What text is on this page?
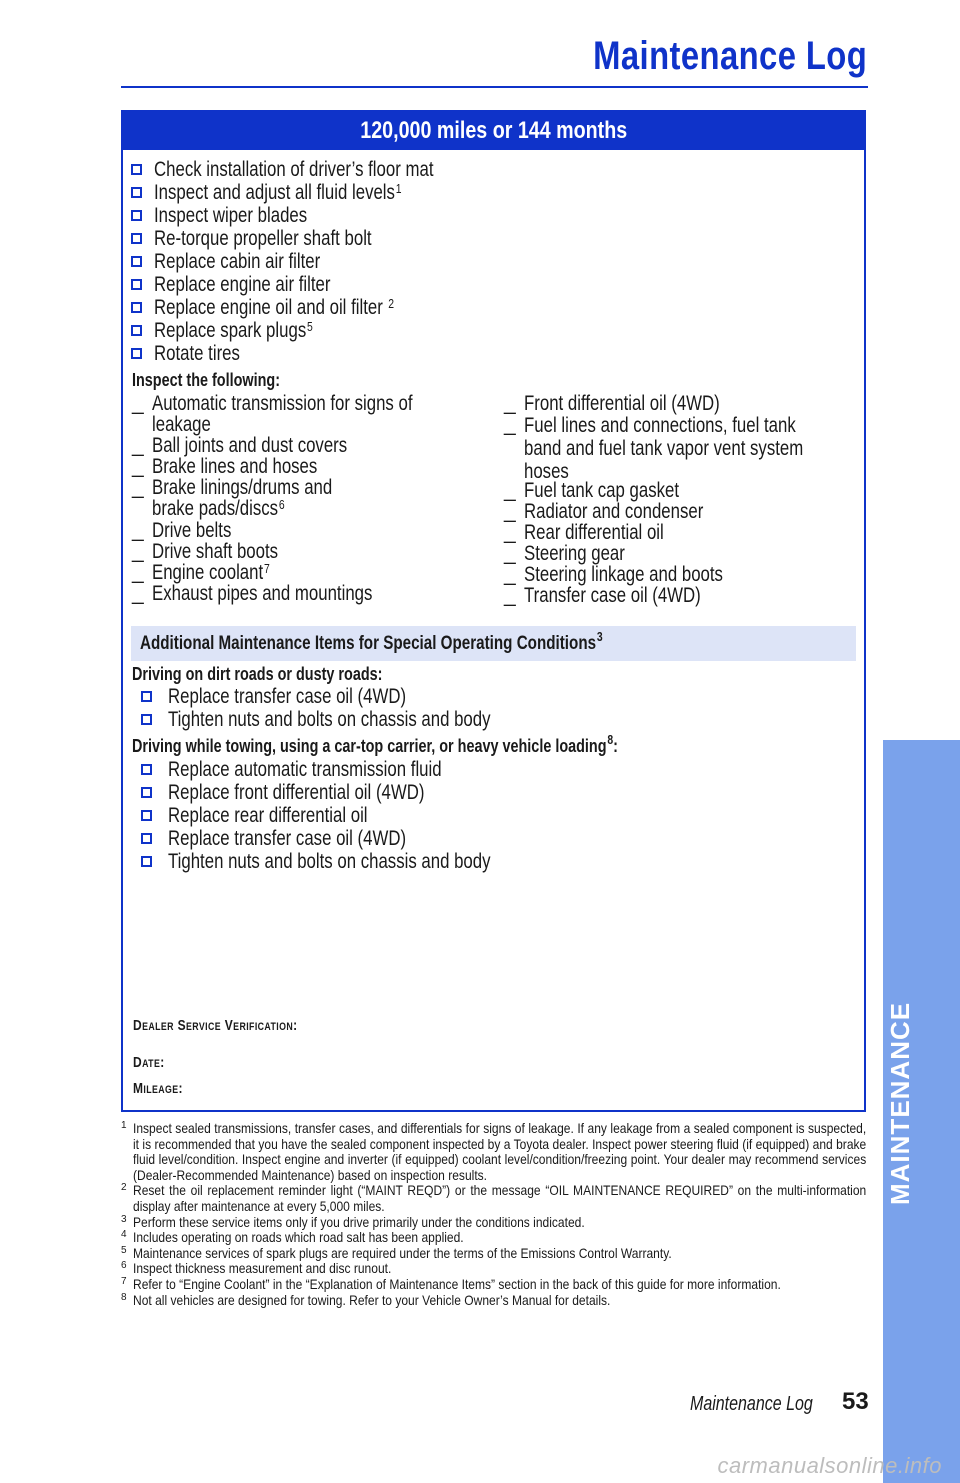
Maintenance Log
120,000 miles or 144 months
Check installation of driver’s floor mat
Inspect and adjust all fluid levels$^1$
Inspect wiper blades
Re-torque propeller shaft bolt
Replace cabin air filter
Replace engine air filter
Replace engine oil and oil filter $^2$
Replace spark plugs$^5$
Rotate tires
Inspect the following:
_ Automatic transmission for signs of
leakage
_ Ball joints and dust covers
_ Brake lines and hoses
_ Brake linings/drums and
brake pads/discs$^6$
_ Drive belts
_ Drive shaft boots
_ Engine coolant$^7$
_ Exhaust pipes and mountings
_ Front differential oil (4WD)
_ Fuel lines and connections, fuel tank
band and fuel tank vapor vent system
hoses
_ Fuel tank cap gasket
_ Radiator and condenser
_ Rear differential oil
_ Steering gear
_ Steering linkage and boots
_ Transfer case oil (4WD)
Additional Maintenance Items for Special Operating Conditions$^3$
Driving on dirt roads or dusty roads:
Replace transfer case oil (4WD)
Tighten nuts and bolts on chassis and body
Driving while towing, using a car-top carrier, or heavy vehicle loading$^8$:
Replace automatic transmission fluid
Replace front differential oil (4WD)
Replace rear differential oil
Replace transfer case oil (4WD)
Tighten nuts and bolts on chassis and body
Dealer Service Verification:
Date:
Mileage:
1 Inspect sealed transmissions, transfer cases, and differentials for signs of leakage. If any leakage from a sealed component is suspected, it is recommended that you have the sealed component inspected by a Toyota dealer. Inspect power steering fluid (if equipped) and brake fluid level/condition. Inspect engine and inverter (if equipped) coolant level/condition/freezing point. Your dealer may recommend services (Dealer-Recommended Maintenance) based on inspection results.
2 Reset the oil replacement reminder light (“MAINT REQD”) or the message “OIL MAINTENANCE REQUIRED” on the multi-information display after maintenance at every 5,000 miles.
3 Perform these service items only if you drive primarily under the conditions indicated.
4 Includes operating on roads which road salt has been applied.
5 Maintenance services of spark plugs are required under the terms of the Emissions Control Warranty.
6 Inspect thickness measurement and disc runout.
7 Refer to “Engine Coolant” in the “Explanation of Maintenance Items” section in the back of this guide for more information.
8 Not all vehicles are designed for towing. Refer to your Vehicle Owner’s Manual for details.
Maintenance Log	53
MAINTENANCE
carmanualsonline.info
